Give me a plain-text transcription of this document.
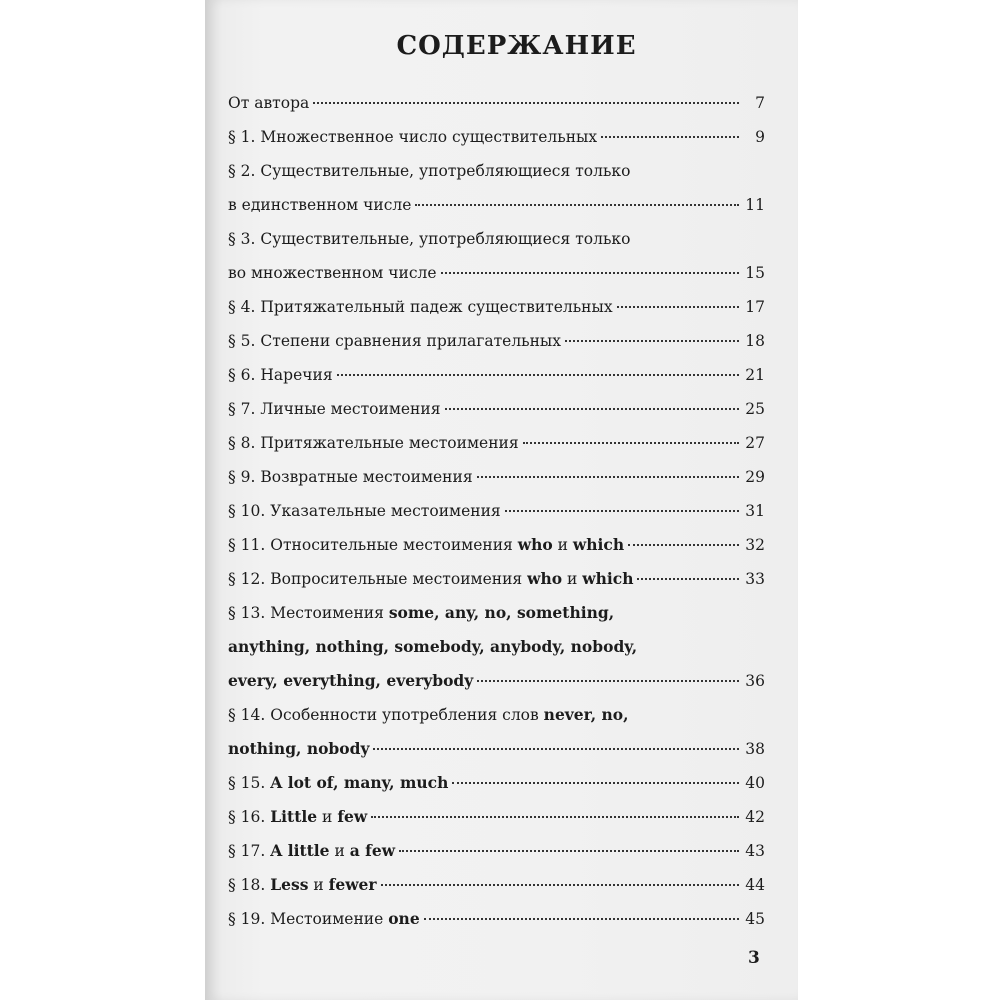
СОДЕРЖАНИЕ
От автора	7
§ 1. Множественное число существительных	9
§ 2. Существительные, употребляющиеся только
в единственном числе	11
§ 3. Существительные, употребляющиеся только
во множественном числе	15
§ 4. Притяжательный падеж существительных	17
§ 5. Степени сравнения прилагательных	18
§ 6. Наречия	21
§ 7. Личные местоимения	25
§ 8. Притяжательные местоимения	27
§ 9. Возвратные местоимения	29
§ 10. Указательные местоимения	31
§ 11. Относительные местоимения who и which	32
§ 12. Вопросительные местоимения who и which	33
§ 13. Местоимения some, any, no, something,
anything, nothing, somebody, anybody, nobody,
every, everything, everybody	36
§ 14. Особенности употребления слов never, no,
nothing, nobody	38
§ 15. A lot of, many, much	40
§ 16. Little и few	42
§ 17. A little и a few	43
§ 18. Less и fewer	44
§ 19. Местоимение one	45
3
